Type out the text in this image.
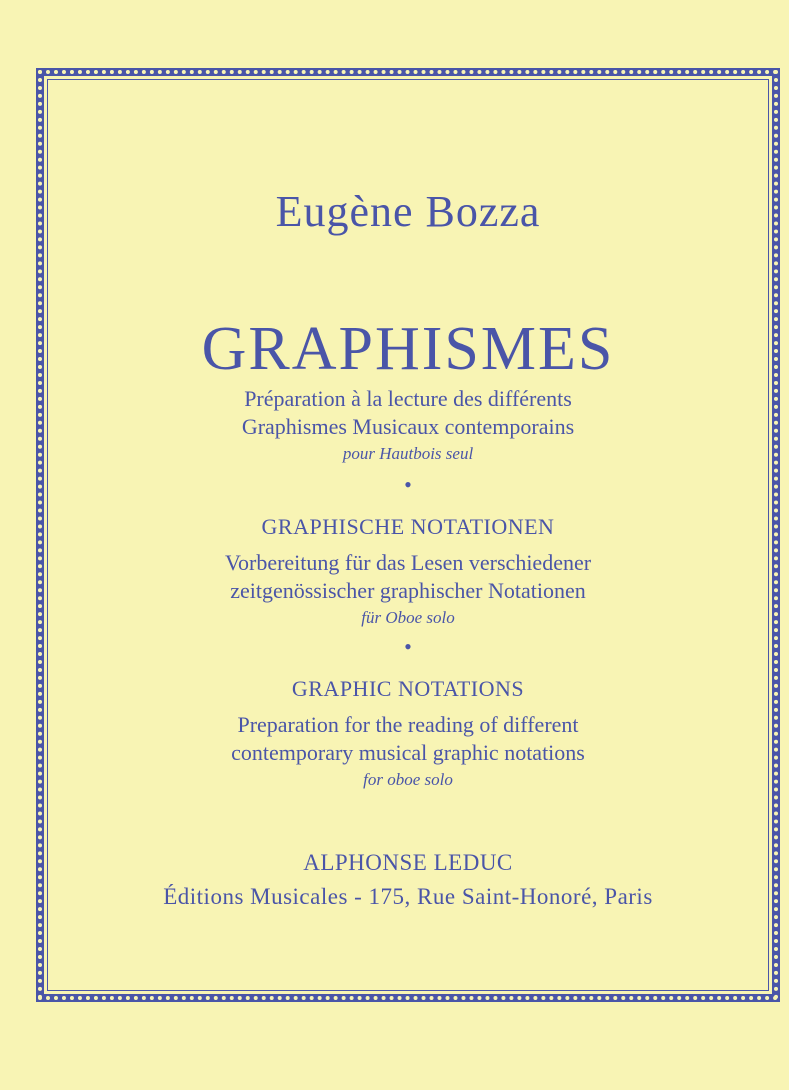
Eugène Bozza
GRAPHISMES
Préparation à la lecture des différents
Graphismes Musicaux contemporains
pour Hautbois seul
•
GRAPHISCHE NOTATIONEN
Vorbereitung für das Lesen verschiedener
zeitgenössischer graphischer Notationen
für Oboe solo
•
GRAPHIC NOTATIONS
Preparation for the reading of different
contemporary musical graphic notations
for oboe solo
ALPHONSE LEDUC
Éditions Musicales - 175, Rue Saint-Honoré, Paris
